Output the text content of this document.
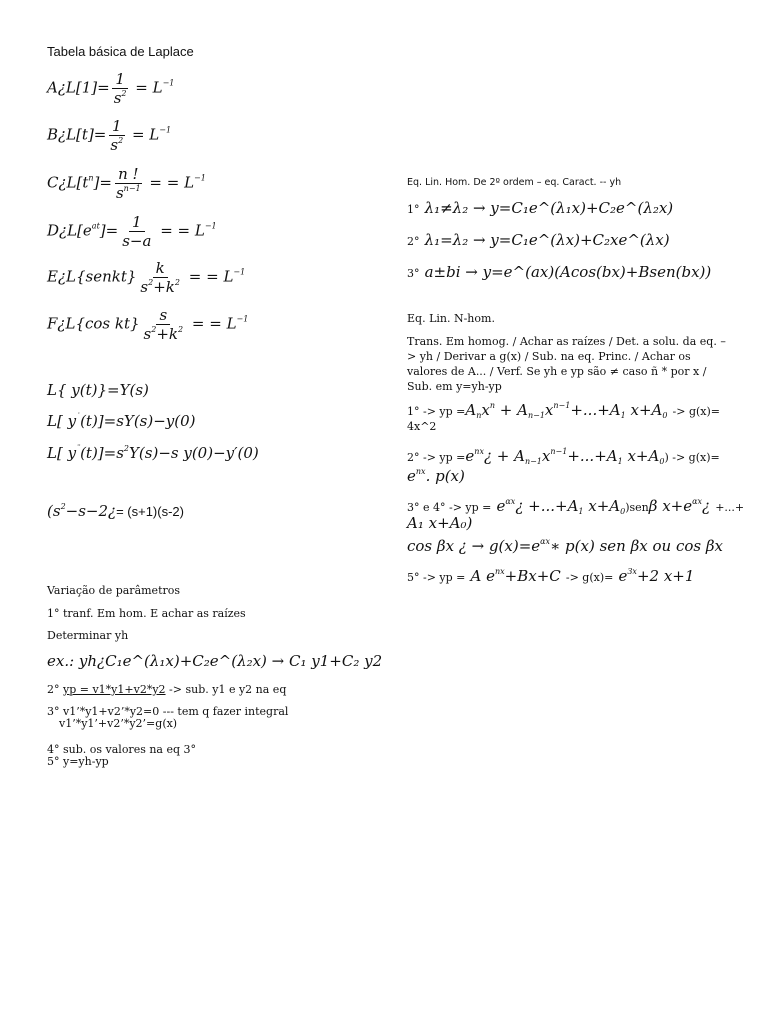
Tabela básica de Laplace
A¿L[1]= $\frac{1}{s^2} = L^{-1}$
B¿L[t]= $\frac{1}{s^2} = L^{-1}$
$C¿L[t^n]= \frac{n !}{s^{n-1}}$ = = $L^{-1}$
$D¿L[e^{at}]= \frac{1}{s-a}$ = = $L^{-1}$
E¿L{senkt} $\frac{k}{s^2+k^2}$ = = $L^{-1}$
F¿L{cos $kt\} \frac{s}{s^2+k^2}$ = = $L^{-1}$
L{ y(t)}=Y(s)
L[ y˙(t)]=sY(s)−y(0)
L[ $y^¨(t)]=s^2Y(s)-s$ y(0)−y′(0)
($s^2-s-2¿= (s+1)(s-2)$
Variação de parâmetros
1° tranf. Em hom. E achar as raízes
Determinar yh
ex.: yh¿C₁e^(λ₁x)+C₂e^(λ₂x) → C₁ y1+C₂ y2
2° yp = v1*y1+v2*y2 -> sub. y1 e y2 na eq
3° v1’*y1+v2’*y2=0 --- tem q fazer integral
v1’*y1’+v2’*y2’=g(x)
4° sub. os valores na eq 3°
5° y=yh-yp
Eq. Lin. Hom. De 2º ordem – eq. Caract. -- yh
1° λ₁≠λ₂ → y=C₁e^(λ₁x)+C₂e^(λ₂x)
2° λ₁=λ₂ → y=C₁e^(λx)+C₂xe^(λx)
3° a±bi → y=e^(ax)(Acos(bx)+Bsen(bx))
Eq. Lin. N-hom.
Trans. Em homog. / Achar as raízes / Det. a solu. da eq. –> yh / Derivar a g(x) / Sub. na eq. Princ. / Achar os valores de A... / Verf. Se yh e yp são ≠ caso ñ * por x / Sub. em y=yh-yp
1° -> yp $=A_nx^n + A_{n-1}x^{n-1}+...+A_1$ $x+A_0 -> g(x)=$
4x^2
2° -> yp $=e^{nx}¿ + A_{n-1}x^{n-1}+...+A_1$ $x+A_0) -> g(x)=$
$e^{nx}$. p(x)
3° e 4° -> yp = $e^{\alpha x}¿ +...+A_1$ $x+A_0)sen\beta$ $x+e^{\alpha x}¿$ +...+
A₁ x+A₀)
cos βx ¿ → $g(x)=e^{\alpha x}∗$ p(x) sen βx ou cos βx
5° -> yp = A $e^{nx}+Bx+C -> g(x)= e^{3x}+2$ x+1
